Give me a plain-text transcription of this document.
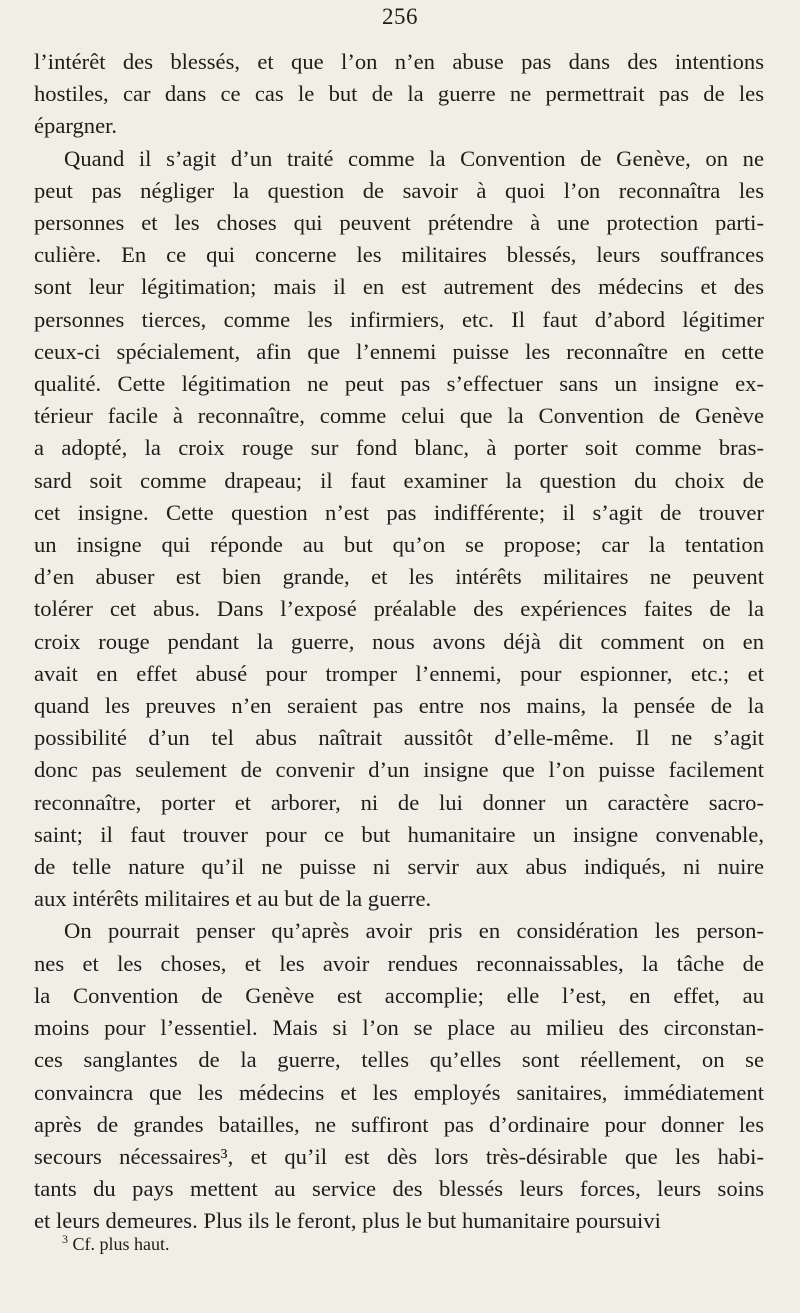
256
l’intérêt des blessés, et que l’on n’en abuse pas dans des intentions
hostiles, car dans ce cas le but de la guerre ne permettrait pas de les
épargner.
Quand il s’agit d’un traité comme la Convention de Genève, on ne
peut pas négliger la question de savoir à quoi l’on reconnaîtra les
personnes et les choses qui peuvent prétendre à une protection parti-
culière. En ce qui concerne les militaires blessés, leurs souffrances
sont leur légitimation; mais il en est autrement des médecins et des
personnes tierces, comme les infirmiers, etc. Il faut d’abord légitimer
ceux-ci spécialement, afin que l’ennemi puisse les reconnaître en cette
qualité. Cette légitimation ne peut pas s’effectuer sans un insigne ex-
térieur facile à reconnaître, comme celui que la Convention de Genève
a adopté, la croix rouge sur fond blanc, à porter soit comme bras-
sard soit comme drapeau; il faut examiner la question du choix de
cet insigne. Cette question n’est pas indifférente; il s’agit de trouver
un insigne qui réponde au but qu’on se propose; car la tentation
d’en abuser est bien grande, et les intérêts militaires ne peuvent
tolérer cet abus. Dans l’exposé préalable des expériences faites de la
croix rouge pendant la guerre, nous avons déjà dit comment on en
avait en effet abusé pour tromper l’ennemi, pour espionner, etc.; et
quand les preuves n’en seraient pas entre nos mains, la pensée de la
possibilité d’un tel abus naîtrait aussitôt d’elle-même. Il ne s’agit
donc pas seulement de convenir d’un insigne que l’on puisse facilement
reconnaître, porter et arborer, ni de lui donner un caractère sacro-
saint; il faut trouver pour ce but humanitaire un insigne convenable,
de telle nature qu’il ne puisse ni servir aux abus indiqués, ni nuire
aux intérêts militaires et au but de la guerre.
On pourrait penser qu’après avoir pris en considération les person-
nes et les choses, et les avoir rendues reconnaissables, la tâche de
la Convention de Genève est accomplie; elle l’est, en effet, au
moins pour l’essentiel. Mais si l’on se place au milieu des circonstan-
ces sanglantes de la guerre, telles qu’elles sont réellement, on se
convaincra que les médecins et les employés sanitaires, immédiatement
après de grandes batailles, ne suffiront pas d’ordinaire pour donner les
secours nécessaires³, et qu’il est dès lors très-désirable que les habi-
tants du pays mettent au service des blessés leurs forces, leurs soins
et leurs demeures. Plus ils le feront, plus le but humanitaire poursuivi
$^3$ Cf. plus haut.
